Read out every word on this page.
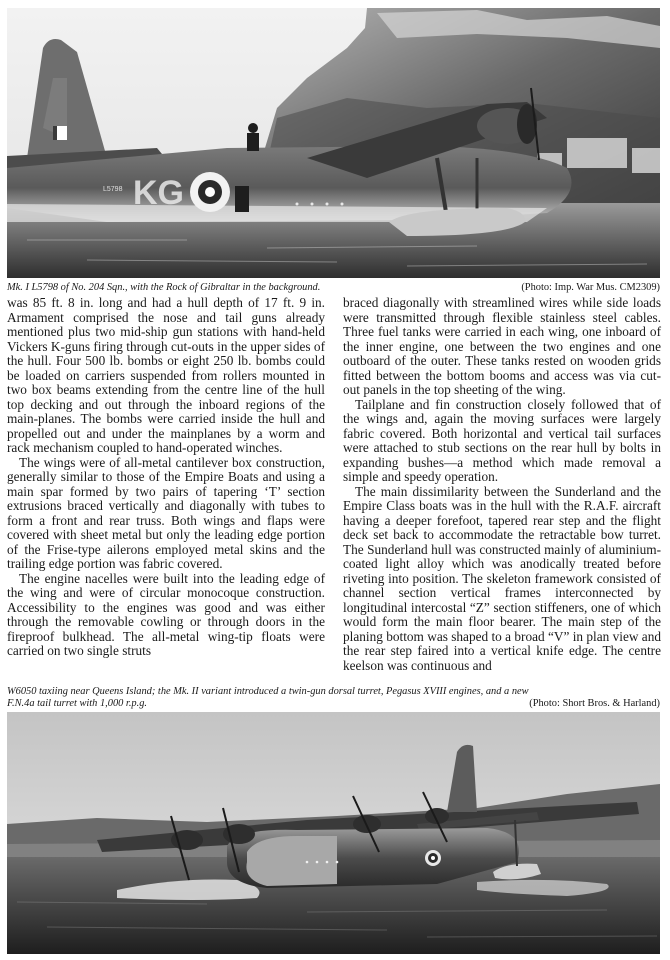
KG
L5798
Mk. I L5798 of No. 204 Sqn., with the Rock of Gibraltar in the background.	(Photo: Imp. War Mus. CM2309)

was 85 ft. 8 in. long and had a hull depth of 17 ft. 9 in. Armament comprised the nose and tail guns already mentioned plus two mid-ship gun stations with hand-held Vickers K-guns firing through cut-outs in the upper sides of the hull. Four 500 lb. bombs or eight 250 lb. bombs could be loaded on carriers suspended from rollers mounted in two box beams extending from the centre line of the hull top decking and out through the inboard regions of the main-planes. The bombs were carried inside the hull and propelled out and under the mainplanes by a worm and rack mechanism coupled to hand-operated winches.

The wings were of all-metal cantilever box construction, generally similar to those of the Empire Boats and using a main spar formed by two pairs of tapering ‘T’ section extrusions braced vertically and diagonally with tubes to form a front and rear truss. Both wings and flaps were covered with sheet metal but only the leading edge portion of the Frise-type ailerons employed metal skins and the trailing edge portion was fabric covered.

The engine nacelles were built into the leading edge of the wing and were of circular monocoque construction. Accessibility to the engines was good and was either through the removable cowling or through doors in the fireproof bulkhead. The all-metal wing-tip floats were carried on two single struts

braced diagonally with streamlined wires while side loads were transmitted through flexible stainless steel cables. Three fuel tanks were carried in each wing, one inboard of the inner engine, one between the two engines and one outboard of the outer. These tanks rested on wooden grids fitted between the bottom booms and access was via cut-out panels in the top sheeting of the wing.

Tailplane and fin construction closely followed that of the wings and, again the moving surfaces were largely fabric covered. Both horizontal and vertical tail surfaces were attached to stub sections on the rear hull by bolts in expanding bushes—a method which made removal a simple and speedy operation.

The main dissimilarity between the Sunderland and the Empire Class boats was in the hull with the R.A.F. aircraft having a deeper forefoot, tapered rear step and the flight deck set back to accommodate the retractable bow turret. The Sunderland hull was constructed mainly of aluminium-coated light alloy which was anodically treated before riveting into position. The skeleton framework consisted of channel section vertical frames interconnected by longitudinal intercostal “Z” section stiffeners, one of which would form the main floor bearer. The main step of the planing bottom was shaped to a broad “V” in plan view and the rear step faired into a vertical knife edge. The centre keelson was continuous and

W6050 taxiing near Queens Island; the Mk. II variant introduced a twin-gun dorsal turret, Pegasus XVIII engines, and a new
F.N.4a tail turret with 1,000 r.p.g.	(Photo: Short Bros. & Harland)
